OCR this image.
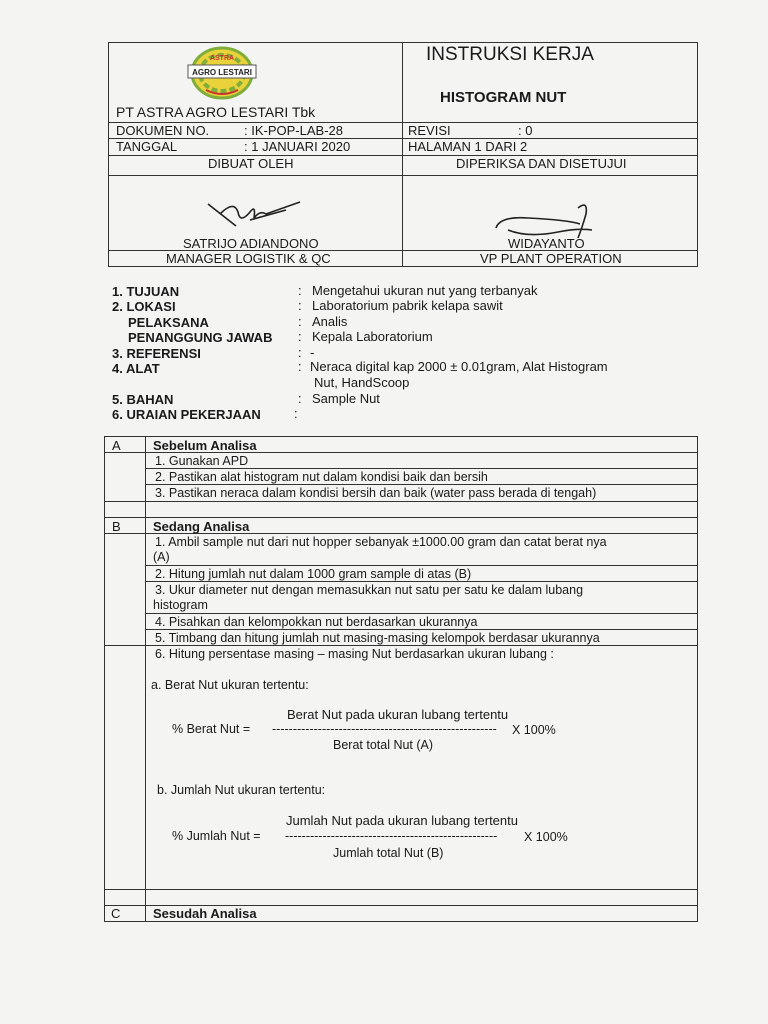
AGRO LESTARI
ASTRA
PT ASTRA AGRO LESTARI Tbk
INSTRUKSI KERJA
HISTOGRAM NUT
DOKUMEN NO.	: IK-POP-LAB-28	REVISI	: 0
TANGGAL	: 1 JANUARI 2020	HALAMAN 1 DARI 2
DIBUAT OLEH	DIPERIKSA DAN DISETUJUI
SATRIJO ADIANDONO	WIDAYANTO
MANAGER LOGISTIK & QC	VP PLANT OPERATION
1. TUJUAN	: Mengetahui ukuran nut yang terbanyak
2. LOKASI	: Laboratorium pabrik kelapa sawit
PELAKSANA	: Analis
PENANGGUNG JAWAB : Kepala Laboratorium
3. REFERENSI	: -
4. ALAT	: Neraca digital kap 2000 ± 0.01gram, Alat Histogram
Nut, HandScoop
5. BAHAN	: Sample Nut
6. URAIAN PEKERJAAN	:
A Sebelum Analisa
1. Gunakan APD
2. Pastikan alat histogram nut dalam kondisi baik dan bersih
3. Pastikan neraca dalam kondisi bersih dan baik (water pass berada di tengah)
B Sedang Analisa
1. Ambil sample nut dari nut hopper sebanyak ±1000.00 gram dan catat berat nya
(A)
2. Hitung jumlah nut dalam 1000 gram sample di atas (B)
3. Ukur diameter nut dengan memasukkan nut satu per satu ke dalam lubang
histogram
4. Pisahkan dan kelompokkan nut berdasarkan ukurannya
5. Timbang dan hitung jumlah nut masing-masing kelompok berdasar ukurannya
6. Hitung persentase masing – masing Nut berdasarkan ukuran lubang :
a. Berat Nut ukuran tertentu:
Berat Nut pada ukuran lubang tertentu
% Berat Nut = ------------------------------------------------------ X 100%
Berat total Nut (A)
b. Jumlah Nut ukuran tertentu:
Jumlah Nut pada ukuran lubang tertentu
% Jumlah Nut = --------------------------------------------------- X 100%
Jumlah total Nut (B)
C	Sesudah Analisa
